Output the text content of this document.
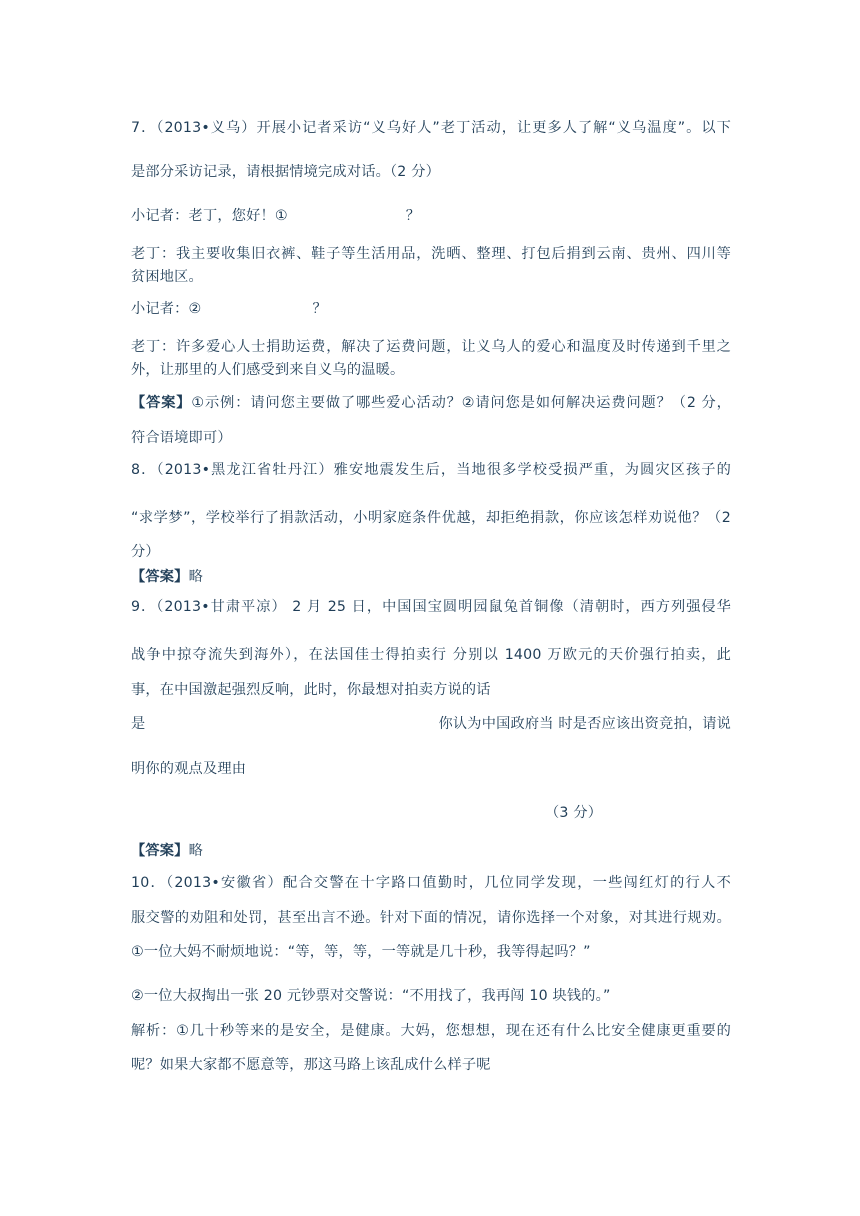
7．（2013•义乌）开展小记者采访“义乌好人”老丁活动，让更多人了解“义乌温度”。以下
是部分采访记录，请根据情境完成对话。（2 分）
小记者：老丁，您好！①	？
老丁：我主要收集旧衣裤、鞋子等生活用品，洗晒、整理、打包后捐到云南、贵州、四川等
贫困地区。
小记者：②	？
老丁：许多爱心人士捐助运费，解决了运费问题，让义乌人的爱心和温度及时传递到千里之
外，让那里的人们感受到来自义乌的温暖。
【答案】①示例：请问您主要做了哪些爱心活动？②请问您是如何解决运费问题？（2 分，
符合语境即可）
8．（2013•黑龙江省牡丹江）雅安地震发生后，当地很多学校受损严重，为圆灾区孩子的
“求学梦”，学校举行了捐款活动，小明家庭条件优越，却拒绝捐款，你应该怎样劝说他？（2
分）
【答案】略
9．（2013•甘肃平凉） 2 月 25 日，中国国宝圆明园鼠兔首铜像（清朝时，西方列强侵华
战争中掠夺流失到海外），在法国佳士得拍卖行 分别以 1400 万欧元的天价强行拍卖，此
事，在中国激起强烈反响，此时，你最想对拍卖方说的话
是	你认为中国政府当 时是否应该出资竞拍，请说
明你的观点及理由
（3 分）
【答案】略
10．（2013•安徽省）配合交警在十字路口值勤时，几位同学发现，一些闯红灯的行人不
服交警的劝阻和处罚，甚至出言不逊。针对下面的情况，请你选择一个对象，对其进行规劝。
①一位大妈不耐烦地说：“等，等，等，一等就是几十秒，我等得起吗？”
②一位大叔掏出一张 20 元钞票对交警说：“不用找了，我再闯 10 块钱的。”
解析：①几十秒等来的是安全，是健康。大妈，您想想，现在还有什么比安全健康更重要的
呢？如果大家都不愿意等，那这马路上该乱成什么样子呢
